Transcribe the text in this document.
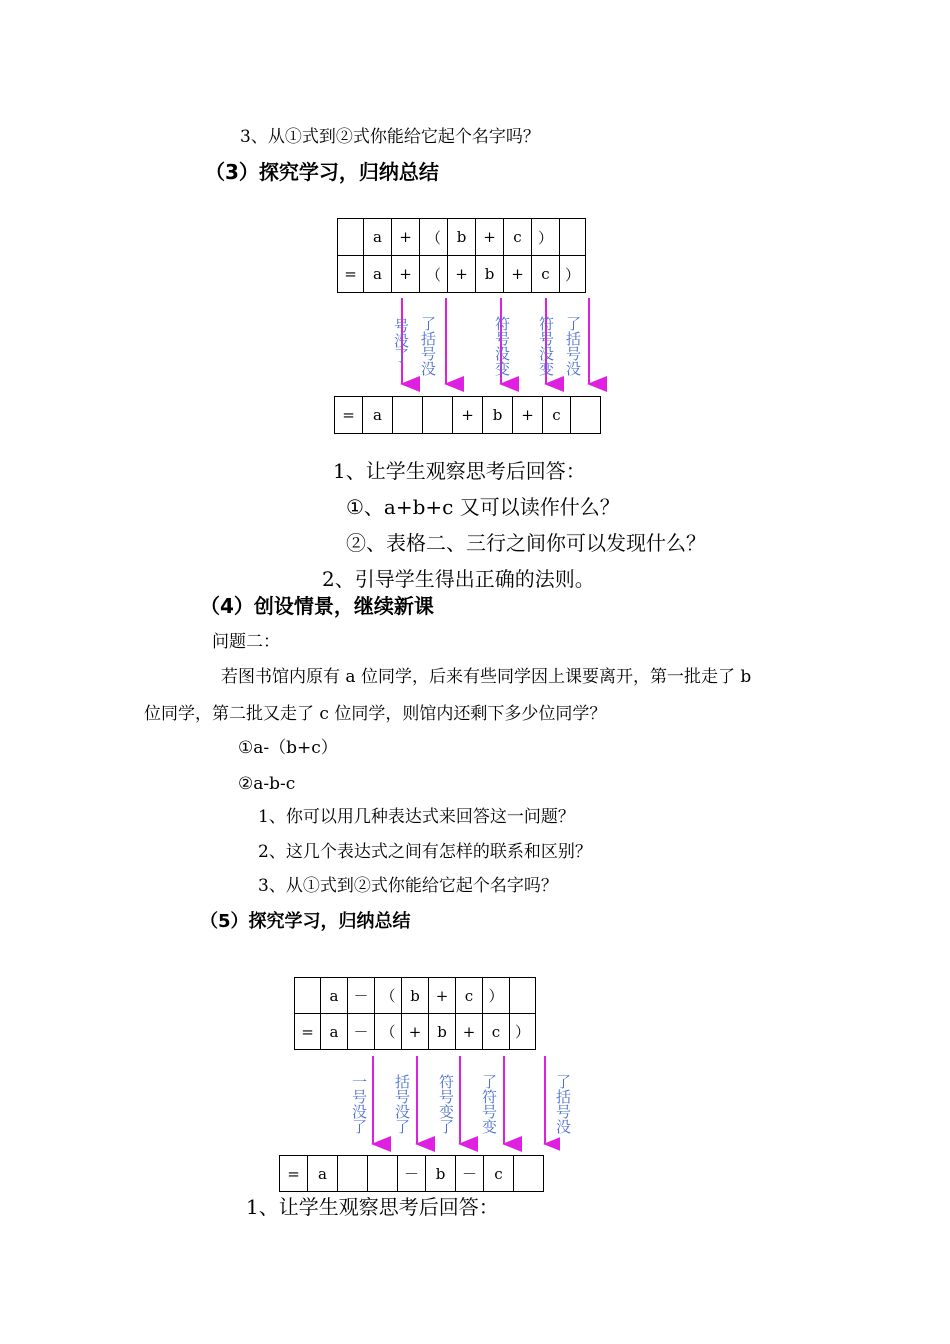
3、从①式到②式你能给它起个名字吗？
（3）探究学习，归纳总结
	a	+	（	b	+	c	）	
=	a	+	（	+	b	+	c	）
号没了 了括号没	符号没变 符号没变 了括号没
=	a			+	b	+	c	
1、让学生观察思考后回答：
①、a+b+c 又可以读作什么？
②、表格二、三行之间你可以发现什么？
2、引导学生得出正确的法则。
（4）创设情景，继续新课
问题二：
若图书馆内原有 a 位同学，后来有些同学因上课要离开，第一批走了 b
位同学，第二批又走了 c 位同学，则馆内还剩下多少位同学？
①a-（b+c）
②a-b-c
1、你可以用几种表达式来回答这一问题？
2、这几个表达式之间有怎样的联系和区别？
3、从①式到②式你能给它起个名字吗？
（5）探究学习，归纳总结
	a	－	（	b	+	c	）	
=	a	－	（	+	b	+	c	）
一号没了 括号没了 符号变了 了符号变	了括号没
=	a			－	b	－	c	
1、让学生观察思考后回答：
